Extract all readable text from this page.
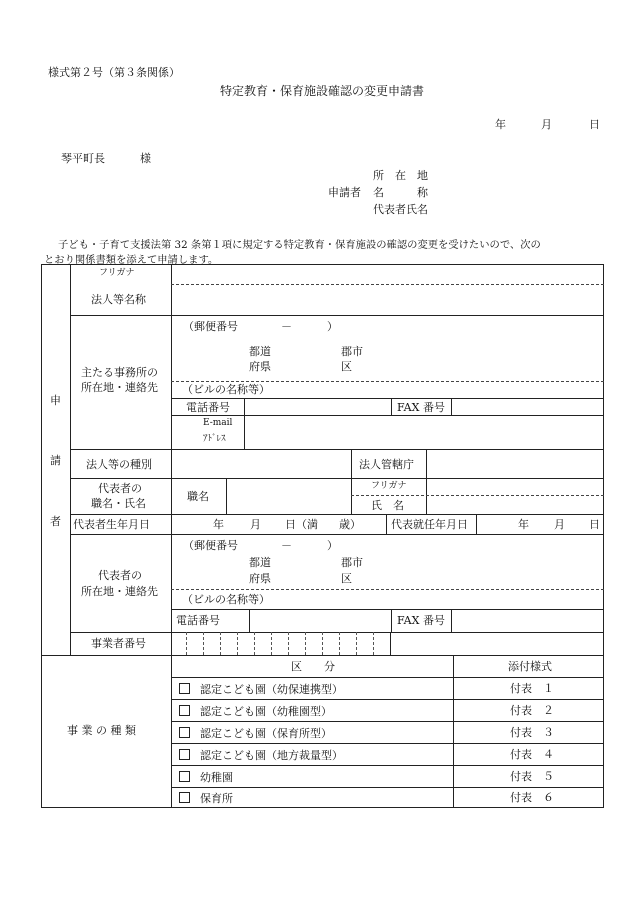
様式第２号（第３条関係）
特定教育・保育施設確認の変更申請書
年	月	日
琴平町長	様
所　在　地
申請者 名　　　称
代表者氏名
子ども・子育て支援法第 32 条第１項に規定する特定教育・保育施設の確認の変更を受けたいので、次の
とおり関係書類を添えて申請します。
申
請
者
フリガナ
法人等名称
主たる事務所の
所在地・連絡先
（郵便番号	－	）
都道
府県
郡市
区
（ビルの名称等）
電話番号	FAX 番号
E-mail
ｱﾄﾞﾚｽ
法人等の種別	法人管轄庁
代表者の
職名・氏名
職名
フリガナ
氏　名
代表者生年月日	年 月 日（満 歳）	代表就任年月日	年 月 日
代表者の
所在地・連絡先
（郵便番号	－	）
都道
府県
郡市
区
（ビルの名称等）
電話番号	FAX 番号
事業者番号
事 業 の 種 類
区　　分	添付様式
認定こども園（幼保連携型）	付表　１
認定こども園（幼稚園型）	付表　２
認定こども園（保育所型）	付表　３
認定こども園（地方裁量型）	付表　４
幼稚園	付表　５
保育所	付表　６
